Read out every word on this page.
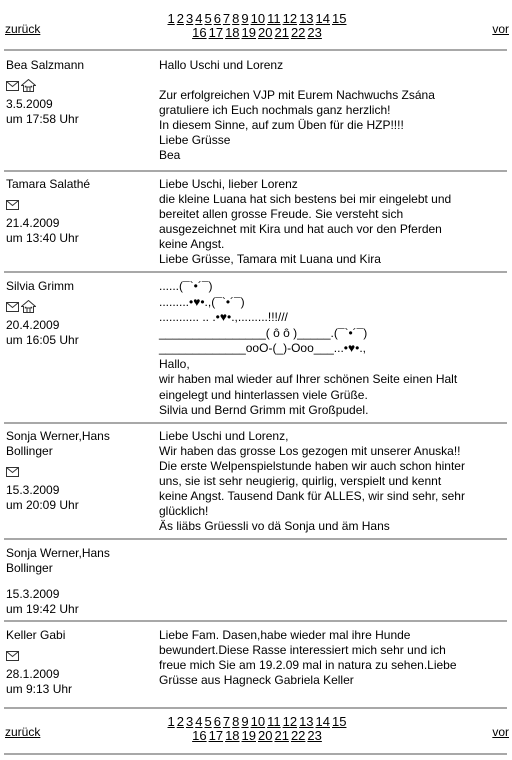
zurück
1 2 3 4 5 6 7 8 9 10 11 12 13 14 15
16 17 18 19 20 21 22 23	vor
Bea Salzmann
3.5.2009
um 17:58 Uhr
Hallo Uschi und Lorenz

Zur erfolgreichen VJP mit Eurem Nachwuchs Zsána
gratuliere ich Euch nochmals ganz herzlich!
In diesem Sinne, auf zum Üben für die HZP!!!!
Liebe Grüsse
Bea
Tamara Salathé
21.4.2009
um 13:40 Uhr
Liebe Uschi, lieber Lorenz
die kleine Luana hat sich bestens bei mir eingelebt und
bereitet allen grosse Freude. Sie versteht sich
ausgezeichnet mit Kira und hat auch vor den Pferden
keine Angst.
Liebe Grüsse, Tamara mit Luana und Kira
Silvia Grimm
20.4.2009
um 16:05 Uhr
......(¯`•´¯)
.........•♥•.,(¯`•´¯)
............ .. .•♥•.,.........!!!///
________________( ô ô )_____.(¯`•´¯)
_____________ooO-(_)-Ooo___...•♥•.,
Hallo,
wir haben mal wieder auf Ihrer schönen Seite einen Halt
eingelegt und hinterlassen viele Grüße.
Silvia und Bernd Grimm mit Großpudel.
Sonja Werner,Hans Bollinger
15.3.2009
um 20:09 Uhr
Liebe Uschi und Lorenz,
Wir haben das grosse Los gezogen mit unserer Anuska!!
Die erste Welpenspielstunde haben wir auch schon hinter
uns, sie ist sehr neugierig, quirlig, verspielt und kennt
keine Angst. Tausend Dank für ALLES, wir sind sehr, sehr
glücklich!
Äs liäbs Grüessli vo dä Sonja und äm Hans
Sonja Werner,Hans Bollinger
15.3.2009
um 19:42 Uhr
Keller Gabi
28.1.2009
um 9:13 Uhr
Liebe Fam. Dasen,habe wieder mal ihre Hunde
bewundert.Diese Rasse interessiert mich sehr und ich
freue mich Sie am 19.2.09 mal in natura zu sehen.Liebe
Grüsse aus Hagneck Gabriela Keller
zurück
1 2 3 4 5 6 7 8 9 10 11 12 13 14 15
16 17 18 19 20 21 22 23	vor
